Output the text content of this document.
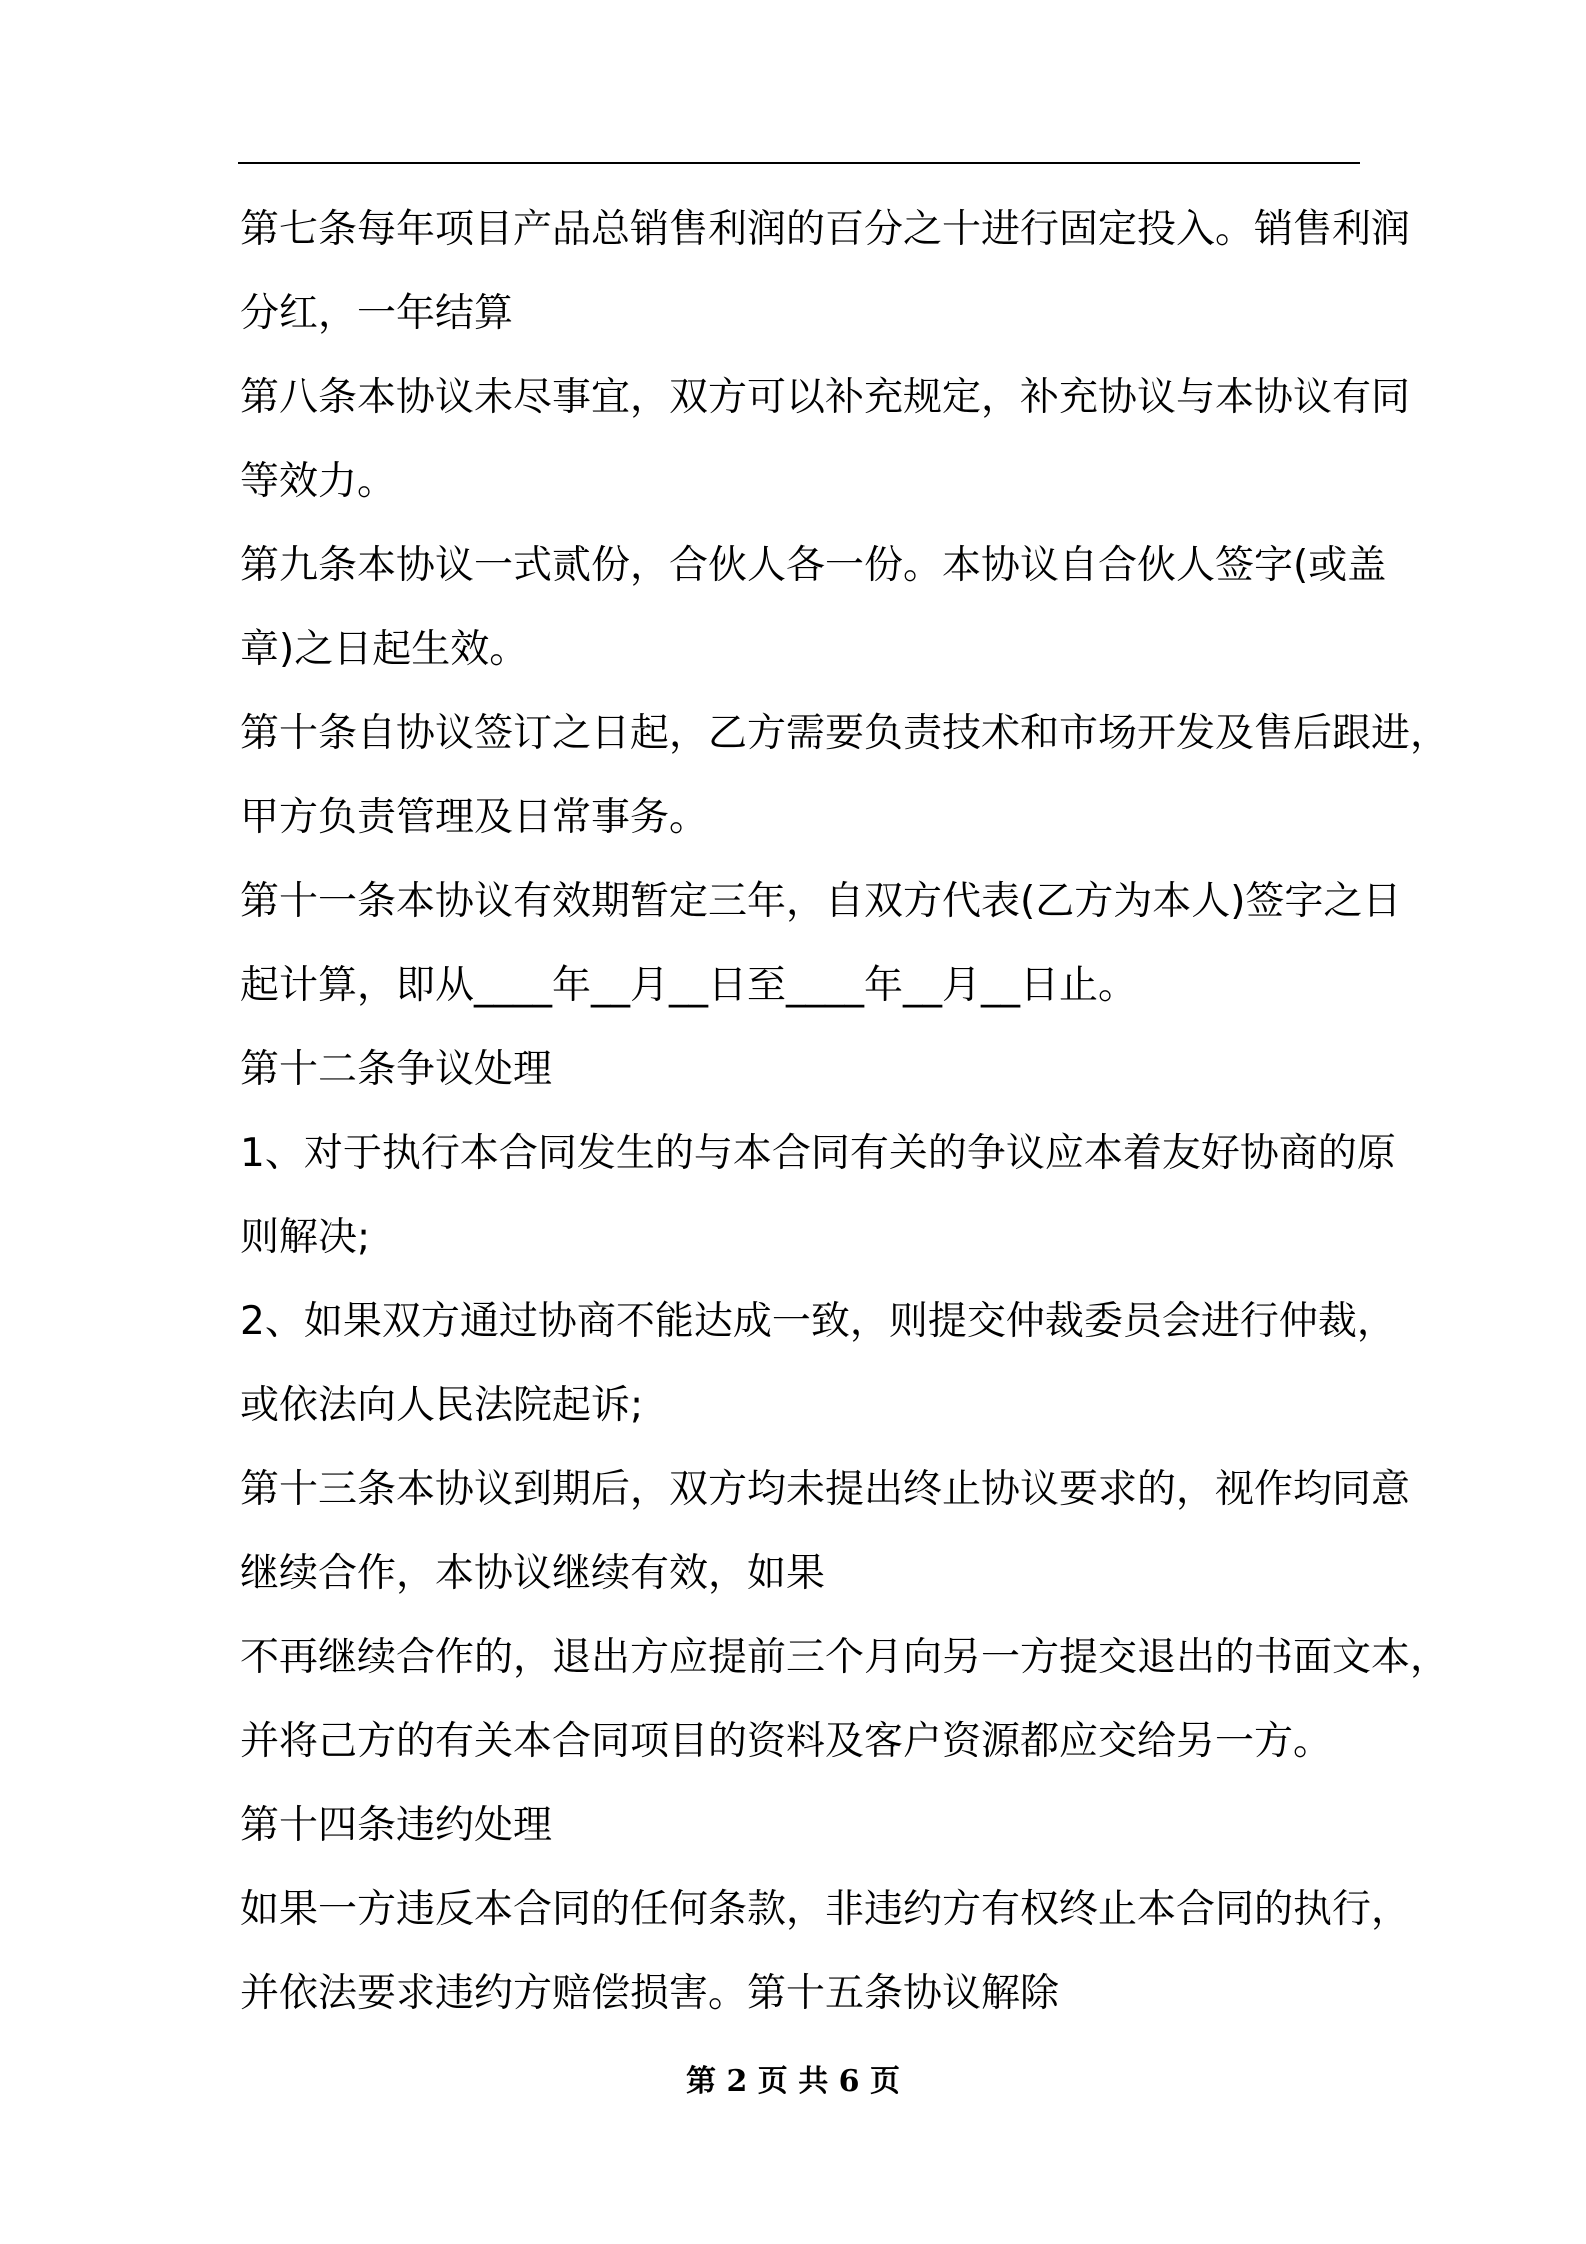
第七条每年项目产品总销售利润的百分之十进行固定投入。销售利润
分红，一年结算
第八条本协议未尽事宜，双方可以补充规定，补充协议与本协议有同
等效力。
第九条本协议一式贰份，合伙人各一份。本协议自合伙人签字(或盖
章)之日起生效。
第十条自协议签订之日起，乙方需要负责技术和市场开发及售后跟进，
甲方负责管理及日常事务。
第十一条本协议有效期暂定三年，自双方代表(乙方为本人)签字之日
起计算，即从____年__月__日至____年__月__日止。
第十二条争议处理
1、对于执行本合同发生的与本合同有关的争议应本着友好协商的原
则解决;
2、如果双方通过协商不能达成一致，则提交仲裁委员会进行仲裁，
或依法向人民法院起诉;
第十三条本协议到期后，双方均未提出终止协议要求的，视作均同意
继续合作，本协议继续有效，如果
不再继续合作的，退出方应提前三个月向另一方提交退出的书面文本，
并将己方的有关本合同项目的资料及客户资源都应交给另一方。
第十四条违约处理
如果一方违反本合同的任何条款，非违约方有权终止本合同的执行，
并依法要求违约方赔偿损害。第十五条协议解除
第 2 页 共 6 页
